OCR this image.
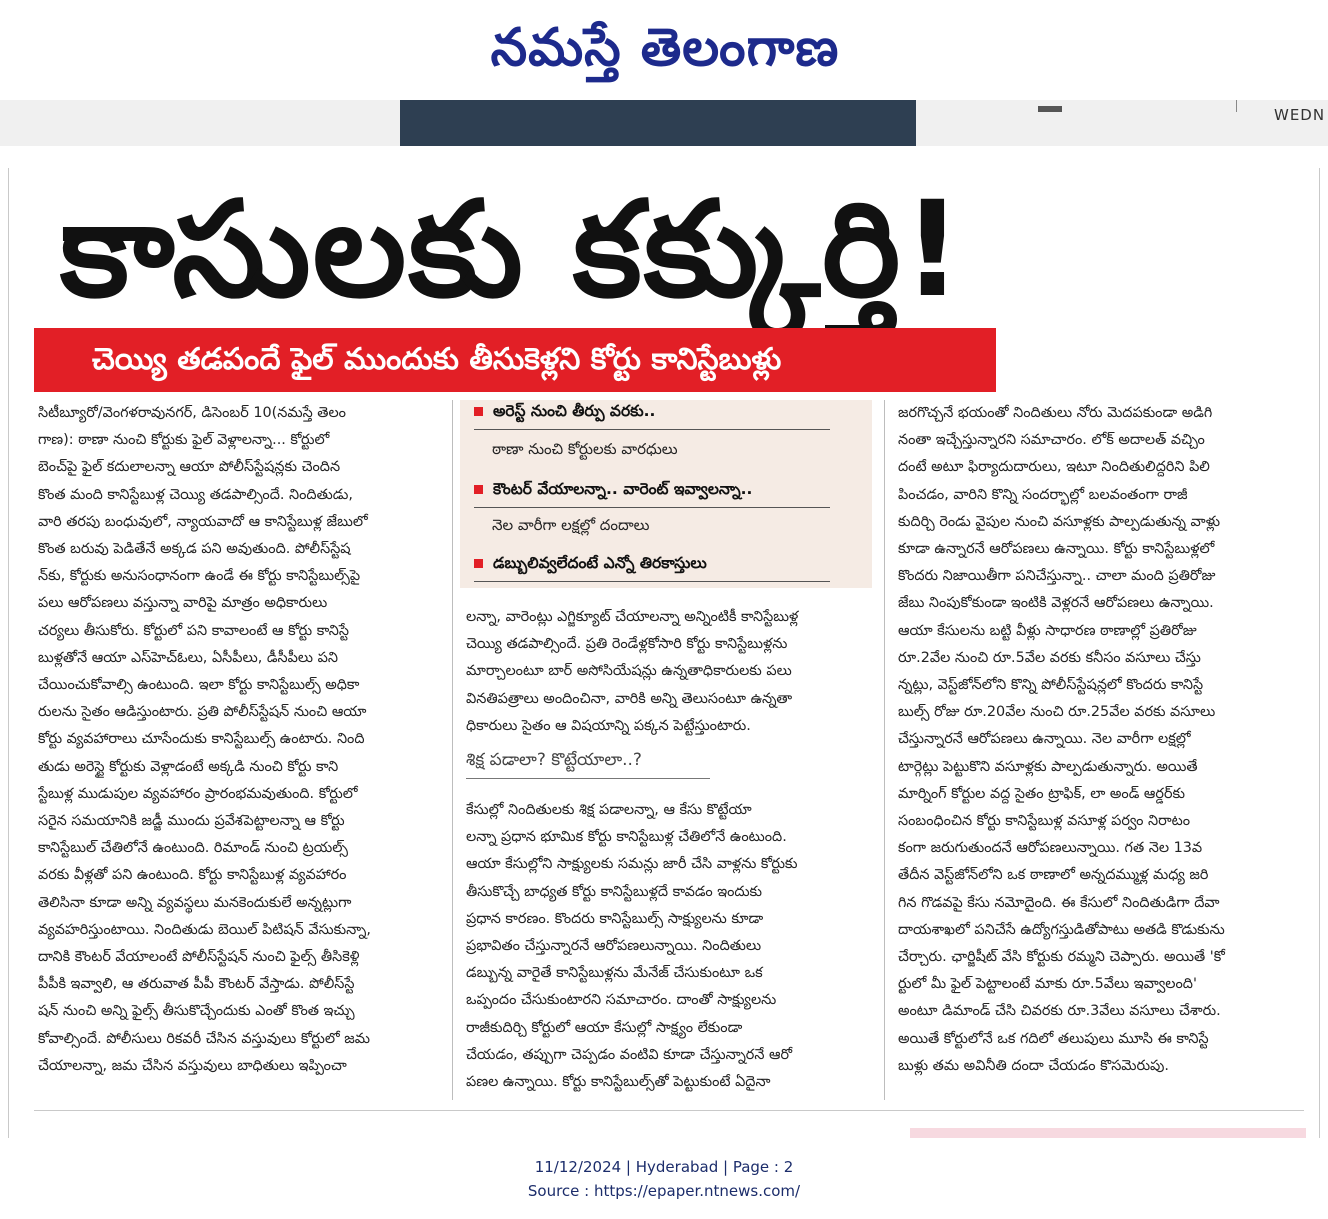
నమస్తే తెలంగాణ
WEDN
కాసులకు కక్కుర్తి!
చెయ్యి తడపందే ఫైల్ ముందుకు తీసుకెళ్లని కోర్టు కానిస్టేబుళ్లు
సిటీబ్యూరో/వెంగళరావునగర్, డిసెంబర్ 10(నమస్తే తెలం
గాణ): ఠాణా నుంచి కోర్టుకు ఫైల్ వెళ్లాలన్నా... కోర్టులో
బెంచ్‌పై ఫైల్ కదులాలన్నా ఆయా పోలీస్‌స్టేషన్లకు చెందిన
కొంత మంది కానిస్టేబుళ్ల చెయ్యి తడపాల్సిందే. నిందితుడు,
వారి తరపు బంధువులో, న్యాయవాదో ఆ కానిస్టేబుళ్ల జేబులో
కొంత బరువు పెడితేనే అక్కడ పని అవుతుంది. పోలీస్‌స్టేష
న్‌కు, కోర్టుకు అనుసంధానంగా ఉండే ఈ కోర్టు కానిస్టేబుల్స్‌పై
పలు ఆరోపణలు వస్తున్నా వారిపై మాత్రం అధికారులు
చర్యలు తీసుకోరు. కోర్టులో పని కావాలంటే ఆ కోర్టు కానిస్టే
బుళ్లతోనే ఆయా ఎస్‌హెచ్‌ఓలు, ఏసీపీలు, డీసీపీలు పని
చేయించుకోవాల్సి ఉంటుంది. ఇలా కోర్టు కానిస్టేబుల్స్ అధికా
రులను సైతం ఆడిస్తుంటారు. ప్రతి పోలీస్‌స్టేషన్ నుంచి ఆయా
కోర్టు వ్యవహారాలు చూసేందుకు కానిస్టేబుల్స్ ఉంటారు. నింది
తుడు అరెస్టై కోర్టుకు వెళ్లాడంటే అక్కడి నుంచి కోర్టు కాని
స్టేబుళ్ల ముడుపుల వ్యవహారం ప్రారంభమవుతుంది. కోర్టులో
సరైన సమయానికి జడ్జీ ముందు ప్రవేశపెట్టాలన్నా ఆ కోర్టు
కానిస్టేబుల్ చేతిలోనే ఉంటుంది. రిమాండ్ నుంచి ట్రయల్స్
వరకు వీళ్లతో పని ఉంటుంది. కోర్టు కానిస్టేబుళ్ల వ్యవహారం
తెలిసినా కూడా అన్ని వ్యవస్థలు మనకెందుకులే అన్నట్లుగా
వ్యవహరిస్తుంటాయి. నిందితుడు బెయిల్ పిటిషన్ వేసుకున్నా,
దానికి కౌంటర్ వేయాలంటే పోలీస్‌స్టేషన్ నుంచి ఫైల్స్ తీసికెళ్లి
పీపీకి ఇవ్వాలి, ఆ తరువాత పీపీ కౌంటర్ వేస్తాడు. పోలీస్‌స్టే
షన్ నుంచి అన్ని ఫైల్స్ తీసుకొచ్చేందుకు ఎంతో కొంత ఇచ్చు
కోవాల్సిందే. పోలీసులు రికవరీ చేసిన వస్తువులు కోర్టులో జమ
చేయాలన్నా, జమ చేసిన వస్తువులు బాధితులు ఇప్పించా
అరెస్ట్ నుంచి తీర్పు వరకు..
ఠాణా నుంచి కోర్టులకు వారధులు
కౌంటర్ వేయాలన్నా.. వారెంట్ ఇవ్వాలన్నా..
నెల వారీగా లక్షల్లో దందాలు
డబ్బులివ్వలేదంటే ఎన్నో తిరకాస్తులు
లన్నా, వారెంట్లు ఎగ్జిక్యూట్ చేయాలన్నా అన్నింటికీ కానిస్టేబుళ్ల
చెయ్యి తడపాల్సిందే. ప్రతి రెండేళ్లకోసారి కోర్టు కానిస్టేబుళ్లను
మార్చాలంటూ బార్ అసోసియేషన్లు ఉన్నతాధికారులకు పలు
వినతిపత్రాలు అందించినా, వారికి అన్ని తెలుసంటూ ఉన్నతా
ధికారులు సైతం ఆ విషయాన్ని పక్కన పెట్టేస్తుంటారు.
శిక్ష పడాలా? కొట్టేయాలా..?
కేసుల్లో నిందితులకు శిక్ష పడాలన్నా, ఆ కేసు కొట్టేయా
లన్నా ప్రధాన భూమిక కోర్టు కానిస్టేబుళ్ల చేతిలోనే ఉంటుంది.
ఆయా కేసుల్లోని సాక్ష్యులకు సమన్లు జారీ చేసి వాళ్లను కోర్టుకు
తీసుకొచ్చే బాధ్యత కోర్టు కానిస్టేబుళ్లదే కావడం ఇందుకు
ప్రధాన కారణం. కొందరు కానిస్టేబుల్స్ సాక్ష్యులను కూడా
ప్రభావితం చేస్తున్నారనే ఆరోపణలున్నాయి. నిందితులు
డబ్బున్న వారైతే కానిస్టేబుళ్లను మేనేజ్ చేసుకుంటూ ఒక
ఒప్పందం చేసుకుంటారని సమాచారం. దాంతో సాక్ష్యులను
రాజీకుదిర్చి కోర్టులో ఆయా కేసుల్లో సాక్ష్యం లేకుండా
చేయడం, తప్పుగా చెప్పడం వంటివి కూడా చేస్తున్నారనే ఆరో
పణల ఉన్నాయి. కోర్టు కానిస్టేబుల్స్‌తో పెట్టుకుంటే ఏదైనా
జరగొచ్చనే భయంతో నిందితులు నోరు మెదపకుండా అడిగి
నంతా ఇచ్చేస్తున్నారని సమాచారం. లోక్ అదాలత్ వచ్చిం
దంటే అటూ ఫిర్యాదుదారులు, ఇటూ నిందితులిద్దరిని పిలి
పించడం, వారిని కొన్ని సందర్భాల్లో బలవంతంగా రాజీ
కుదిర్చి రెండు వైపుల నుంచి వసూళ్లకు పాల్పడుతున్న వాళ్లు
కూడా ఉన్నారనే ఆరోపణలు ఉన్నాయి. కోర్టు కానిస్టేబుళ్లలో
కొందరు నిజాయితీగా పనిచేస్తున్నా.. చాలా మంది ప్రతిరోజు
జేబు నింపుకోకుండా ఇంటికి వెళ్లరనే ఆరోపణలు ఉన్నాయి.
ఆయా కేసులను బట్టి వీళ్లు సాధారణ ఠాణాల్లో ప్రతిరోజు
రూ.2వేల నుంచి రూ.5వేల వరకు కనీసం వసూలు చేస్తు
న్నట్లు, వెస్ట్‌జోన్‌లోని కొన్ని పోలీస్‌స్టేషన్లలో కొందరు కానిస్టే
బుల్స్ రోజు రూ.20వేల నుంచి రూ.25వేల వరకు వసూలు
చేస్తున్నారనే ఆరోపణలు ఉన్నాయి. నెల వారీగా లక్షల్లో
టార్గెట్లు పెట్టుకొని వసూళ్లకు పాల్పడుతున్నారు. అయితే
మార్నింగ్ కోర్టుల వద్ద సైతం ట్రాఫిక్, లా అండ్ ఆర్డర్‌కు
సంబంధించిన కోర్టు కానిస్టేబుళ్ల వసూళ్ల పర్వం నిరాటం
కంగా జరుగుతుందనే ఆరోపణలున్నాయి. గత నెల 13వ
తేదీన వెస్ట్‌జోన్‌లోని ఒక ఠాణాలో అన్నదమ్ముళ్ల మధ్య జరి
గిన గొడవపై కేసు నమోదైంది. ఈ కేసులో నిందితుడిగా దేవా
దాయశాఖలో పనిచేసే ఉద్యోగస్తుడితోపాటు అతడి కొడుకును
చేర్చారు. ఛార్జిషీట్ వేసి కోర్టుకు రమ్మని చెప్పారు. అయితే 'కో
ర్టులో మీ ఫైల్ పెట్టాలంటే మాకు రూ.5వేలు ఇవ్వాలంది'
అంటూ డిమాండ్ చేసి చివరకు రూ.3వేలు వసూలు చేశారు.
అయితే కోర్టులోనే ఒక గదిలో తలుపులు మూసి ఈ కానిస్టే
బుళ్లు తమ అవినీతి దందా చేయడం కొసమెరుపు.
11/12/2024 | Hyderabad | Page : 2
Source : https://epaper.ntnews.com/
